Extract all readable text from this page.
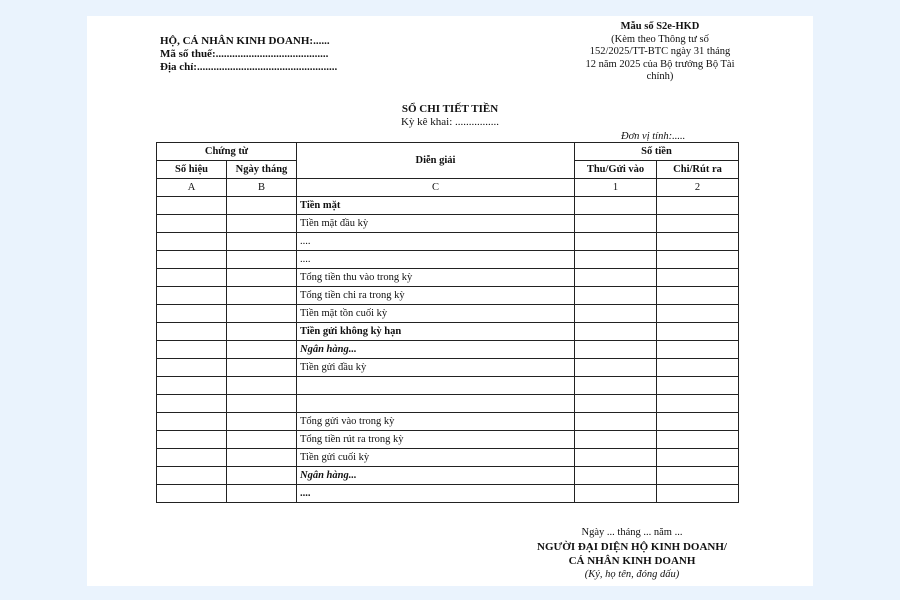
HỘ, CÁ NHÂN KINH DOANH:......
Mã số thuế:.........................................
Địa chỉ:...................................................
Mẫu số S2e-HKD
(Kèm theo Thông tư số
152/2025/TT-BTC ngày 31 tháng
12 năm 2025 của Bộ trưởng Bộ Tài
chính)
SỔ CHI TIẾT TIỀN
Kỳ kê khai: ................
Đơn vị tính:.....
Chứng từ		Diễn giải	Số tiền	
Số hiệu	Ngày tháng		Thu/Gửi vào	Chi/Rút ra
A	B	C	1	2
		Tiền mặt		
		Tiền mặt đầu kỳ		
		....		
		....		
		Tổng tiền thu vào trong kỳ		
		Tổng tiền chi ra trong kỳ		
		Tiền mặt tồn cuối kỳ		
		Tiền gửi không kỳ hạn		
		Ngân hàng...		
		Tiền gửi đầu kỳ		

		Tổng gửi vào trong kỳ		
		Tổng tiền rút ra trong kỳ		
		Tiền gửi cuối kỳ		
		Ngân hàng...		
		....		
Ngày ... tháng ... năm ...
NGƯỜI ĐẠI DIỆN HỘ KINH DOANH/
CÁ NHÂN KINH DOANH
(Ký, họ tên, đóng dấu)
